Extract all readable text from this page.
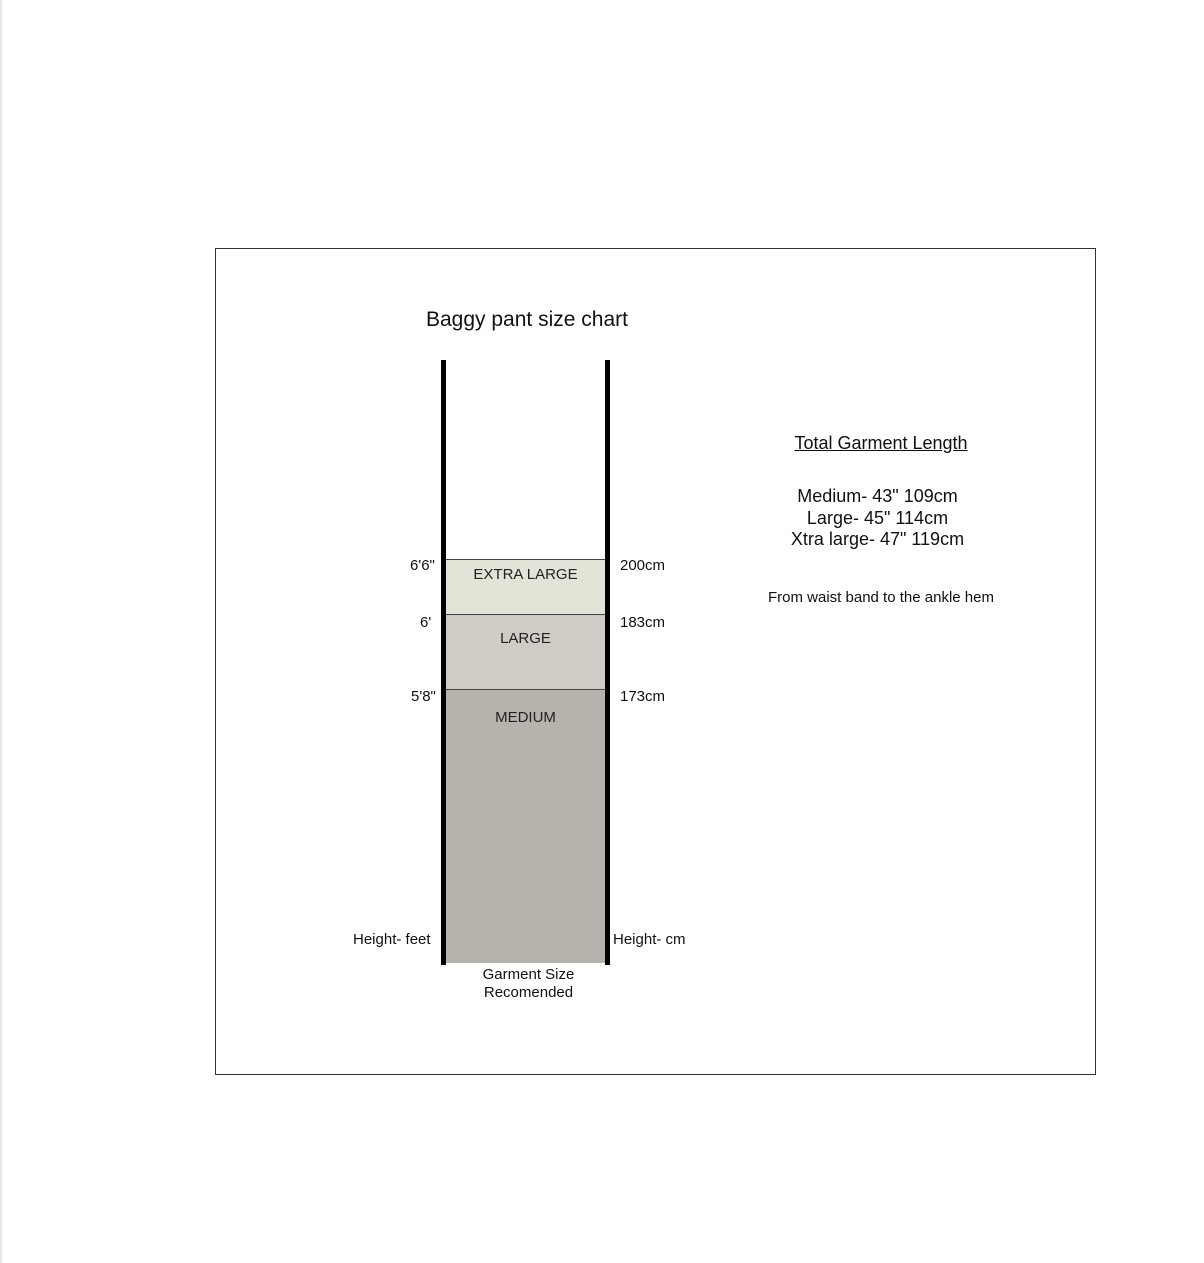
Baggy pant size chart
EXTRA LARGE
LARGE
MEDIUM
6'6"
6'
5'8"
200cm
183cm
173cm
Height- feet	Height- cm
Garment Size
Recomended
Total Garment Length
Medium- 43" 109cm
Large- 45" 114cm
Xtra large- 47" 119cm
From waist band to the ankle hem
